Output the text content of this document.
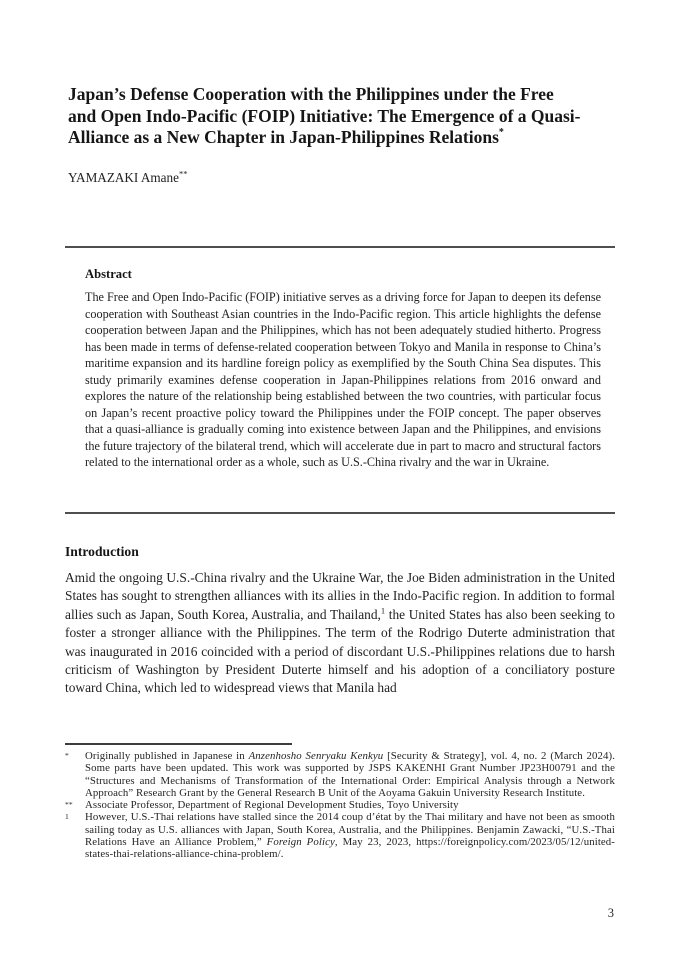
Japan’s Defense Cooperation with the Philippines under the Free
and Open Indo-Pacific (FOIP) Initiative: The Emergence of a Quasi-
Alliance as a New Chapter in Japan-Philippines Relations*
YAMAZAKI Amane**
Abstract

The Free and Open Indo-Pacific (FOIP) initiative serves as a driving force for Japan to deepen its defense cooperation with Southeast Asian countries in the Indo-Pacific region. This article highlights the defense cooperation between Japan and the Philippines, which has not been adequately studied hitherto. Progress has been made in terms of defense-related cooperation between Tokyo and Manila in response to China’s maritime expansion and its hardline foreign policy as exemplified by the South China Sea disputes. This study primarily examines defense cooperation in Japan-Philippines relations from 2016 onward and explores the nature of the relationship being established between the two countries, with particular focus on Japan’s recent proactive policy toward the Philippines under the FOIP concept. The paper observes that a quasi-alliance is gradually coming into existence between Japan and the Philippines, and envisions the future trajectory of the bilateral trend, which will accelerate due in part to macro and structural factors related to the international order as a whole, such as U.S.-China rivalry and the war in Ukraine.

Introduction

Amid the ongoing U.S.-China rivalry and the Ukraine War, the Joe Biden administration in the United States has sought to strengthen alliances with its allies in the Indo-Pacific region. In addition to formal allies such as Japan, South Korea, Australia, and Thailand,$^1$ the United States has also been seeking to foster a stronger alliance with the Philippines. The term of the Rodrigo Duterte administration that was inaugurated in 2016 coincided with a period of discordant U.S.-Philippines relations due to harsh criticism of Washington by President Duterte himself and his adoption of a conciliatory posture toward China, which led to widespread views that Manila had

* Originally published in Japanese in Anzenhosho Senryaku Kenkyu [Security & Strategy], vol. 4, no. 2 (March 2024). Some parts have been updated. This work was supported by JSPS KAKENHI Grant Number JP23H00791 and the “Structures and Mechanisms of Transformation of the International Order: Empirical Analysis through a Network Approach” Research Grant by the General Research B Unit of the Aoyama Gakuin University Research Institute.
** Associate Professor, Department of Regional Development Studies, Toyo University
1 However, U.S.-Thai relations have stalled since the 2014 coup d’état by the Thai military and have not been as smooth sailing today as U.S. alliances with Japan, South Korea, Australia, and the Philippines. Benjamin Zawacki, “U.S.-Thai Relations Have an Alliance Problem,” Foreign Policy, May 23, 2023, https://foreignpolicy.com/2023/05/12/united-states-thai-relations-alliance-china-problem/.
3
